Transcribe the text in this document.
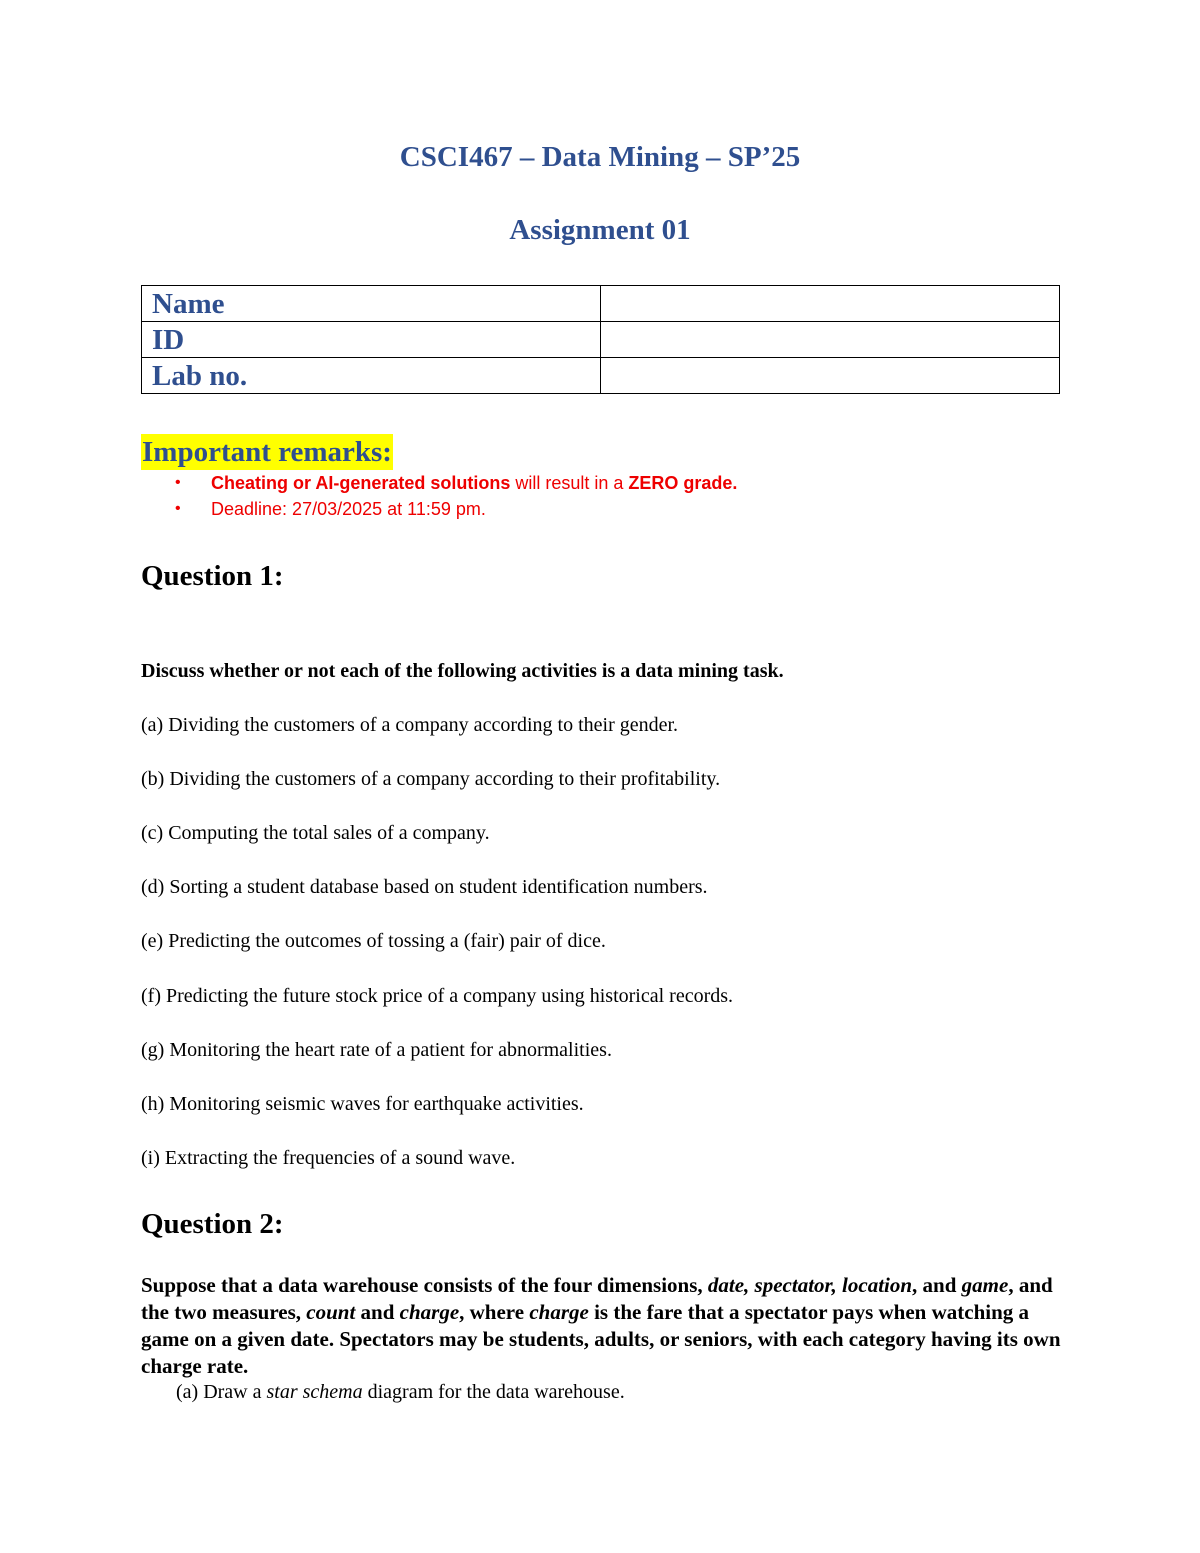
CSCI467 – Data Mining – SP’25
Assignment 01
Name	
ID	
Lab no.	
Important remarks:
• Cheating or AI-generated solutions will result in a ZERO grade.
• Deadline: 27/03/2025 at 11:59 pm.
Question 1:

Discuss whether or not each of the following activities is a data mining task.

(a) Dividing the customers of a company according to their gender.

(b) Dividing the customers of a company according to their profitability.

(c) Computing the total sales of a company.

(d) Sorting a student database based on student identification numbers.

(e) Predicting the outcomes of tossing a (fair) pair of dice.

(f) Predicting the future stock price of a company using historical records.

(g) Monitoring the heart rate of a patient for abnormalities.

(h) Monitoring seismic waves for earthquake activities.

(i) Extracting the frequencies of a sound wave.

Question 2:

Suppose that a data warehouse consists of the four dimensions, date, spectator, location, and game, and the two measures, count and charge, where charge is the fare that a spectator pays when watching a game on a given date. Spectators may be students, adults, or seniors, with each category having its own charge rate.

(a) Draw a star schema diagram for the data warehouse.
